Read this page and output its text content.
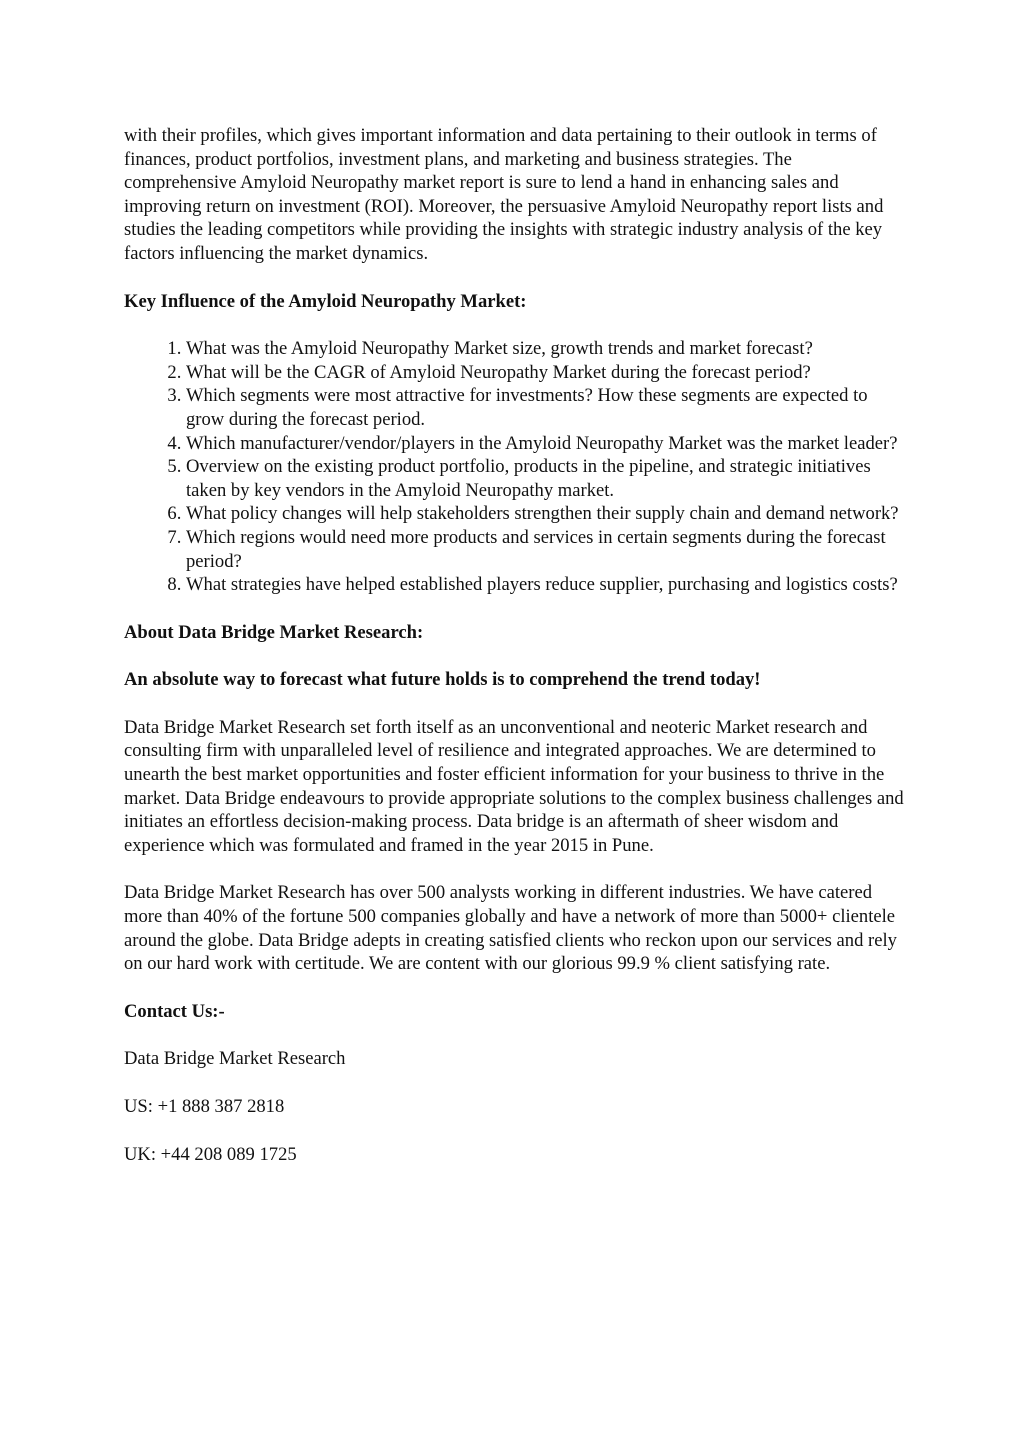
with their profiles, which gives important information and data pertaining to their outlook in terms of finances, product portfolios, investment plans, and marketing and business strategies. The comprehensive Amyloid Neuropathy market report is sure to lend a hand in enhancing sales and improving return on investment (ROI). Moreover, the persuasive Amyloid Neuropathy report lists and studies the leading competitors while providing the insights with strategic industry analysis of the key factors influencing the market dynamics.

Key Influence of the Amyloid Neuropathy Market:

1. What was the Amyloid Neuropathy Market size, growth trends and market forecast?
2. What will be the CAGR of Amyloid Neuropathy Market during the forecast period?
3. Which segments were most attractive for investments? How these segments are expected to grow during the forecast period.
4. Which manufacturer/vendor/players in the Amyloid Neuropathy Market was the market leader?
5. Overview on the existing product portfolio, products in the pipeline, and strategic initiatives taken by key vendors in the Amyloid Neuropathy market.
6. What policy changes will help stakeholders strengthen their supply chain and demand network?
7. Which regions would need more products and services in certain segments during the forecast period?
8. What strategies have helped established players reduce supplier, purchasing and logistics costs?

About Data Bridge Market Research:

An absolute way to forecast what future holds is to comprehend the trend today!

Data Bridge Market Research set forth itself as an unconventional and neoteric Market research and consulting firm with unparalleled level of resilience and integrated approaches. We are determined to unearth the best market opportunities and foster efficient information for your business to thrive in the market. Data Bridge endeavours to provide appropriate solutions to the complex business challenges and initiates an effortless decision-making process. Data bridge is an aftermath of sheer wisdom and experience which was formulated and framed in the year 2015 in Pune.

Data Bridge Market Research has over 500 analysts working in different industries. We have catered more than 40% of the fortune 500 companies globally and have a network of more than 5000+ clientele around the globe. Data Bridge adepts in creating satisfied clients who reckon upon our services and rely on our hard work with certitude. We are content with our glorious 99.9 % client satisfying rate.

Contact Us:-

Data Bridge Market Research

US: +1 888 387 2818

UK: +44 208 089 1725
